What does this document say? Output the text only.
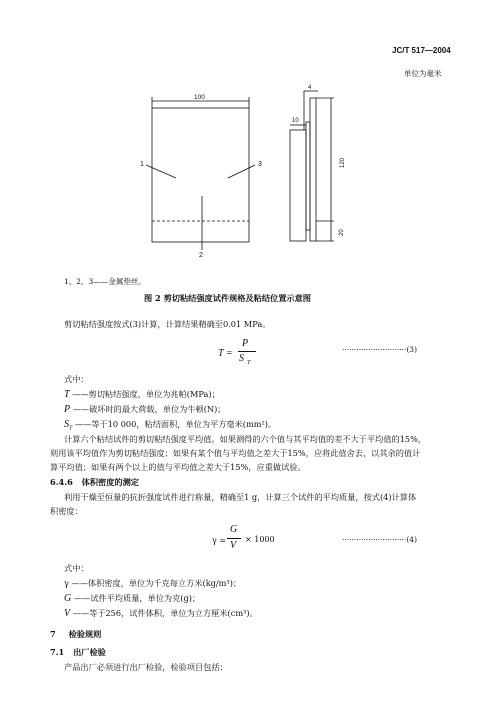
JC/T 517—2004
单位为毫米
100
10
4
120
20
1	3
2
1、2、3——金属垫丝。
图 2 剪切粘结强度试件规格及粘结位置示意图
剪切粘结强度按式(3)计算，计算结果精确至0.01 MPa。
T =
P
S T
···························(3)
式中：
T ——剪切粘结强度，单位为兆帕(MPa)；
P ——破坏时的最大荷载，单位为牛顿(N)；
$S_T$ ——等于10 000，粘结面积，单位为平方毫米(mm²)。
计算六个粘结试件的剪切粘结强度平均值。如果测得的六个值与其平均值的差不大于平均值的15%，
则用该平均值作为剪切粘结强度；如果有某个值与平均值之差大于15%，应将此值舍去，以其余的值计
算平均值；如果有两个以上的值与平均值之差大于15%，应重做试验。
6.4.6 体积密度的测定
利用干燥至恒量的抗折强度试件进行称量，精确至1 g，计算三个试件的平均质量，按式(4)计算体
积密度：
γ =
G
V
× 1000	···························(4)
式中：
γ ——体积密度，单位为千克每立方米(kg/m³)；
G ——试件平均质量，单位为克(g)；
V ——等于256，试件体积，单位为立方厘米(cm³)。
7 检验规则
7.1 出厂检验
产品出厂必须进行出厂检验，检验项目包括：
